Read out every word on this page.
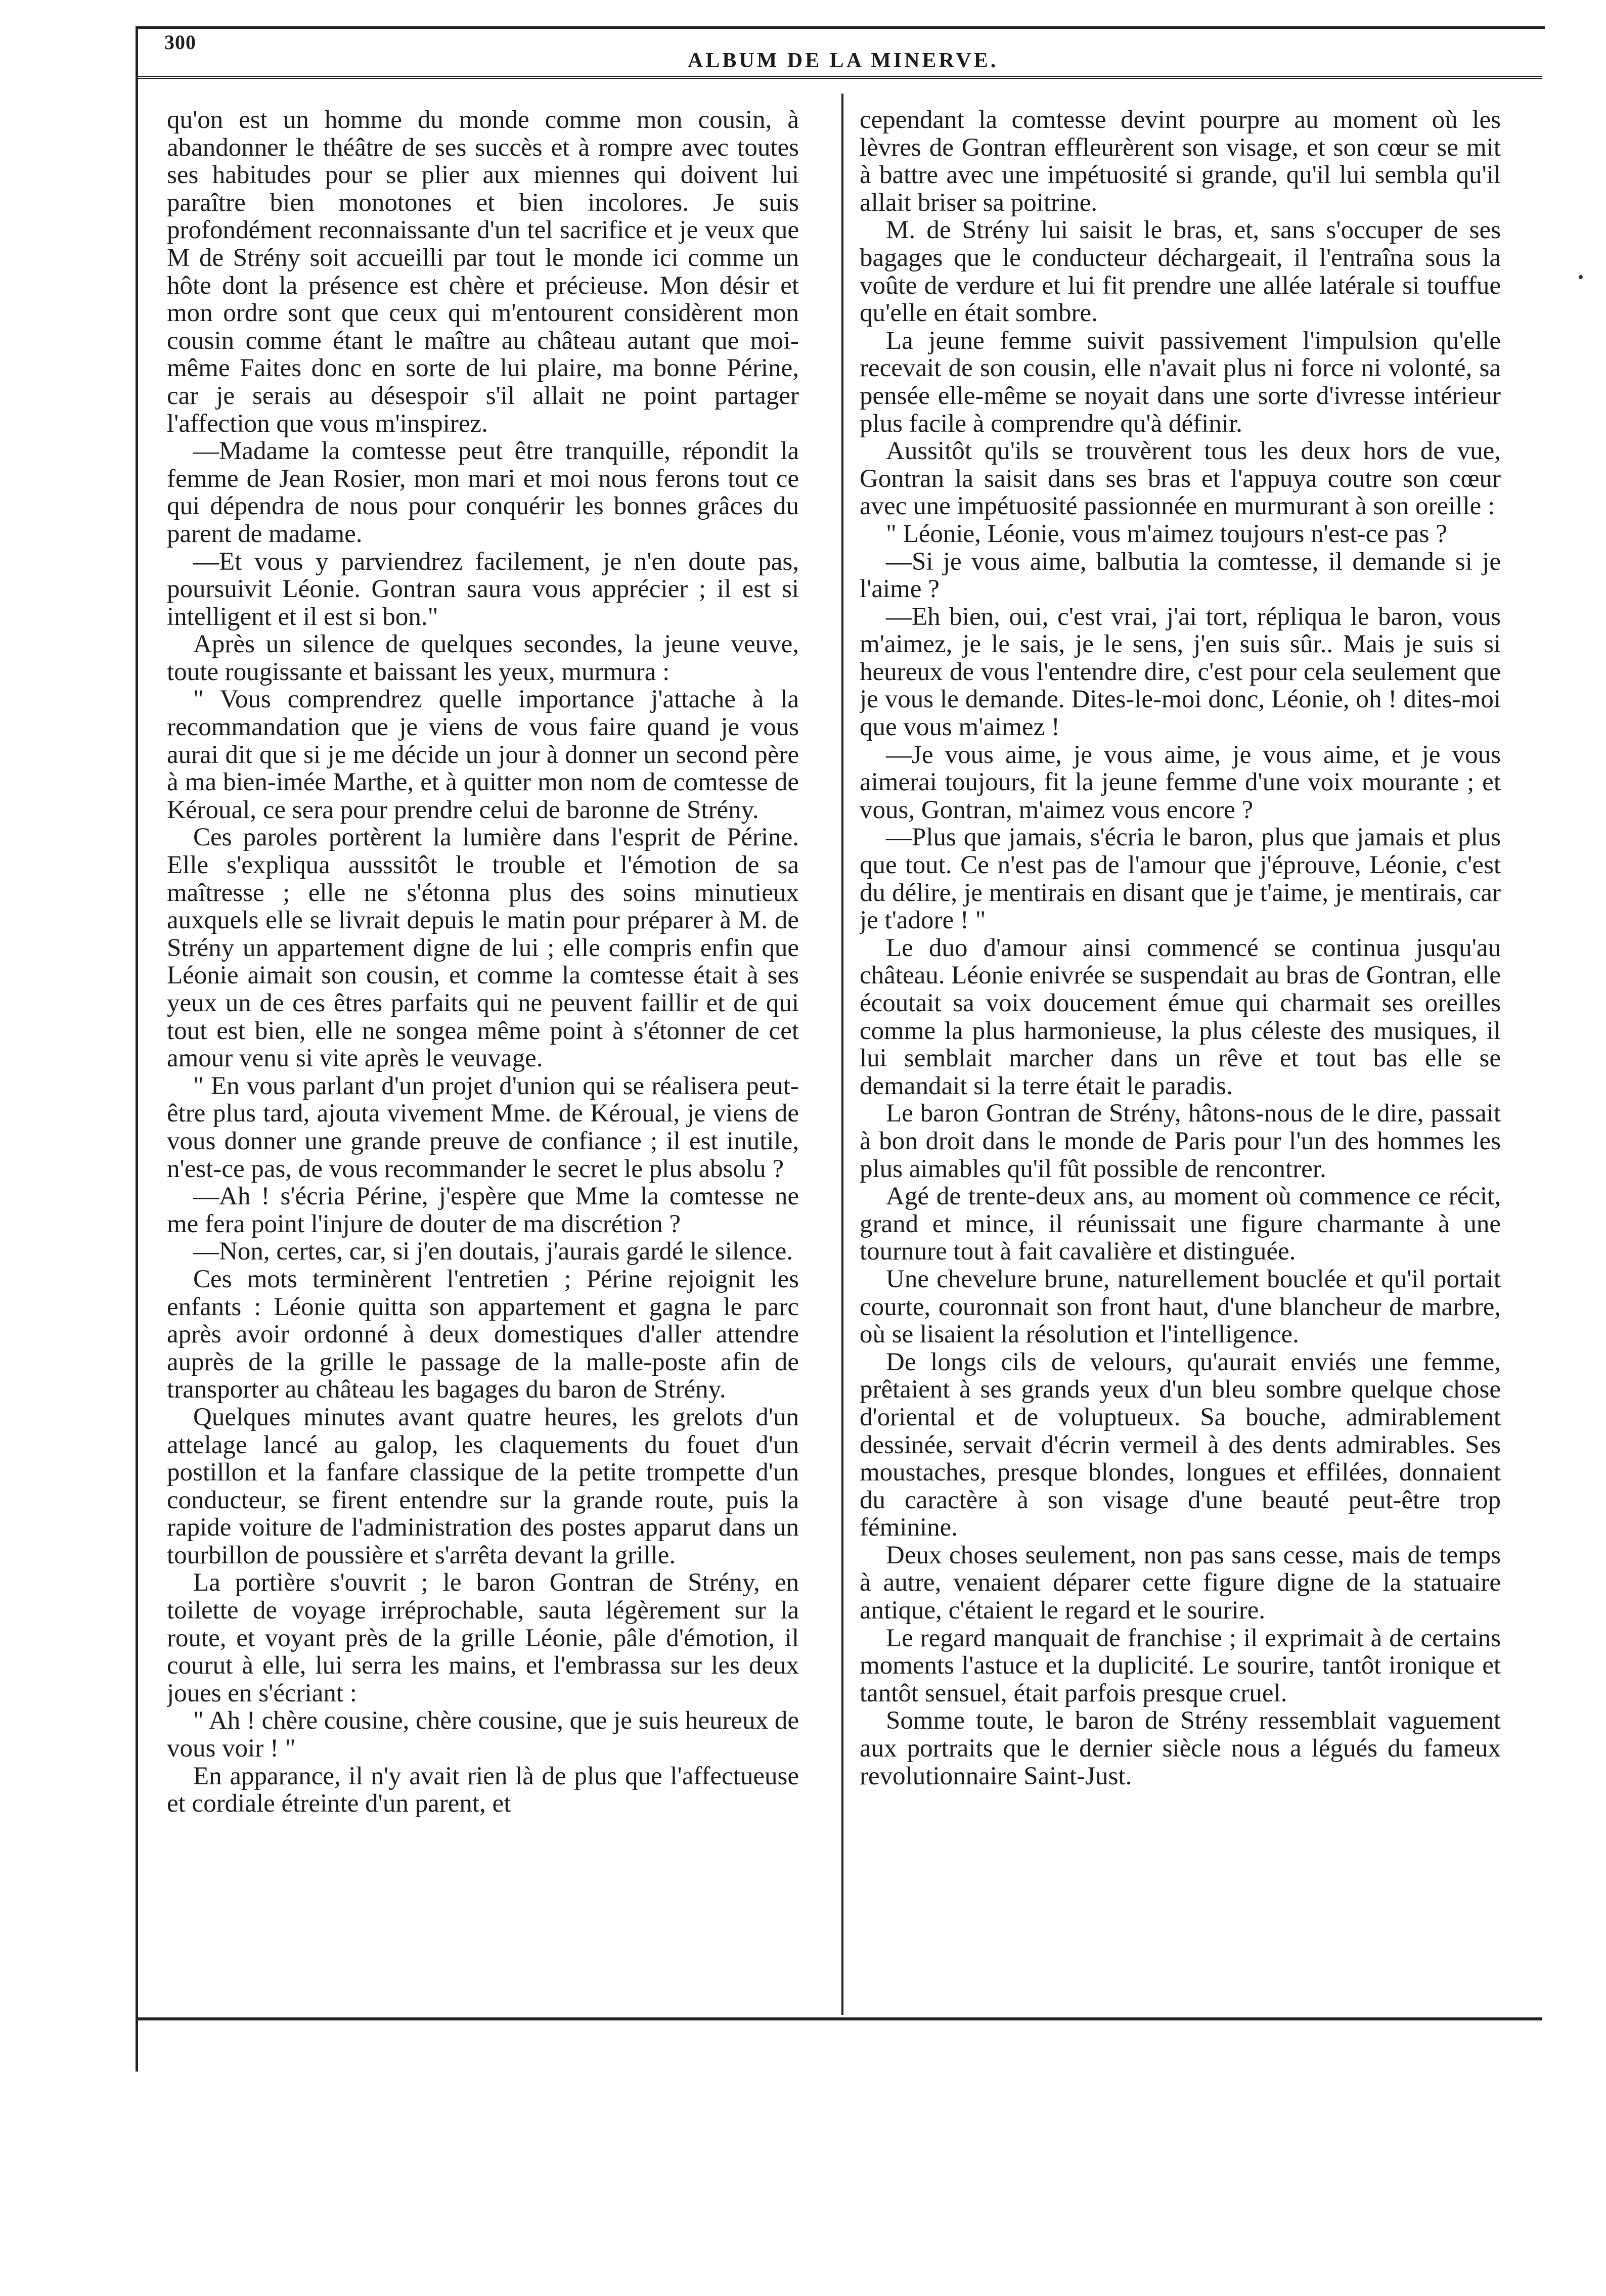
300
ALBUM DE LA MINERVE.
•

qu'on est un homme du monde comme mon cousin, à abandonner le théâtre de ses succès et à rompre avec toutes ses habitudes pour se plier aux miennes qui doivent lui paraître bien monotones et bien incolores. Je suis profondément reconnaissante d'un tel sacrifice et je veux que M de Strény soit accueilli par tout le monde ici comme un hôte dont la présence est chère et précieuse. Mon désir et mon ordre sont que ceux qui m'entourent considèrent mon cousin comme étant le maître au château autant que moi-même Faites donc en sorte de lui plaire, ma bonne Périne, car je serais au désespoir s'il allait ne point partager l'affection que vous m'inspirez.

—Madame la comtesse peut être tranquille, répondit la femme de Jean Rosier, mon mari et moi nous ferons tout ce qui dépendra de nous pour conquérir les bonnes grâces du parent de madame.

—Et vous y parviendrez facilement, je n'en doute pas, poursuivit Léonie. Gontran saura vous apprécier ; il est si intelligent et il est si bon."

Après un silence de quelques secondes, la jeune veuve, toute rougissante et baissant les yeux, murmura :

" Vous comprendrez quelle importance j'attache à la recommandation que je viens de vous faire quand je vous aurai dit que si je me décide un jour à donner un second père à ma bien-imée Marthe, et à quitter mon nom de comtesse de Kéroual, ce sera pour prendre celui de baronne de Strény.

Ces paroles portèrent la lumière dans l'esprit de Périne. Elle s'expliqua ausssitôt le trouble et l'émotion de sa maîtresse ; elle ne s'étonna plus des soins minutieux auxquels elle se livrait depuis le matin pour préparer à M. de Strény un appartement digne de lui ; elle compris enfin que Léonie aimait son cousin, et comme la comtesse était à ses yeux un de ces êtres parfaits qui ne peuvent faillir et de qui tout est bien, elle ne songea même point à s'étonner de cet amour venu si vite après le veuvage.

" En vous parlant d'un projet d'union qui se réalisera peut-être plus tard, ajouta vivement Mme. de Kéroual, je viens de vous donner une grande preuve de confiance ; il est inutile, n'est-ce pas, de vous recommander le secret le plus absolu ?

—Ah ! s'écria Périne, j'espère que Mme la comtesse ne me fera point l'injure de douter de ma discrétion ?

—Non, certes, car, si j'en doutais, j'aurais gardé le silence.

Ces mots terminèrent l'entretien ; Périne rejoignit les enfants : Léonie quitta son appartement et gagna le parc après avoir ordonné à deux domestiques d'aller attendre auprès de la grille le passage de la malle-poste afin de transporter au château les bagages du baron de Strény.

Quelques minutes avant quatre heures, les grelots d'un attelage lancé au galop, les claquements du fouet d'un postillon et la fanfare classique de la petite trompette d'un conducteur, se firent entendre sur la grande route, puis la rapide voiture de l'administration des postes apparut dans un tourbillon de poussière et s'arrêta devant la grille.

La portière s'ouvrit ; le baron Gontran de Strény, en toilette de voyage irréprochable, sauta légèrement sur la route, et voyant près de la grille Léonie, pâle d'émotion, il courut à elle, lui serra les mains, et l'embrassa sur les deux joues en s'écriant :

" Ah ! chère cousine, chère cousine, que je suis heureux de vous voir ! "

En apparance, il n'y avait rien là de plus que l'affectueuse et cordiale étreinte d'un parent, et

cependant la comtesse devint pourpre au moment où les lèvres de Gontran effleurèrent son visage, et son cœur se mit à battre avec une impétuosité si grande, qu'il lui sembla qu'il allait briser sa poitrine.

M. de Strény lui saisit le bras, et, sans s'occuper de ses bagages que le conducteur déchargeait, il l'entraîna sous la voûte de verdure et lui fit prendre une allée latérale si touffue qu'elle en était sombre.

La jeune femme suivit passivement l'impulsion qu'elle recevait de son cousin, elle n'avait plus ni force ni volonté, sa pensée elle-même se noyait dans une sorte d'ivresse intérieur plus facile à comprendre qu'à définir.

Aussitôt qu'ils se trouvèrent tous les deux hors de vue, Gontran la saisit dans ses bras et l'appuya coutre son cœur avec une impétuosité passionnée en murmurant à son oreille :

" Léonie, Léonie, vous m'aimez toujours n'est-ce pas ?

—Si je vous aime, balbutia la comtesse, il demande si je l'aime ?

—Eh bien, oui, c'est vrai, j'ai tort, répliqua le baron, vous m'aimez, je le sais, je le sens, j'en suis sûr.. Mais je suis si heureux de vous l'entendre dire, c'est pour cela seulement que je vous le demande. Dites-le-moi donc, Léonie, oh ! dites-moi que vous m'aimez !

—Je vous aime, je vous aime, je vous aime, et je vous aimerai toujours, fit la jeune femme d'une voix mourante ; et vous, Gontran, m'aimez vous encore ?

—Plus que jamais, s'écria le baron, plus que jamais et plus que tout. Ce n'est pas de l'amour que j'éprouve, Léonie, c'est du délire, je mentirais en disant que je t'aime, je mentirais, car je t'adore ! "

Le duo d'amour ainsi commencé se continua jusqu'au château. Léonie enivrée se suspendait au bras de Gontran, elle écoutait sa voix doucement émue qui charmait ses oreilles comme la plus harmonieuse, la plus céleste des musiques, il lui semblait marcher dans un rêve et tout bas elle se demandait si la terre était le paradis.

Le baron Gontran de Strény, hâtons-nous de le dire, passait à bon droit dans le monde de Paris pour l'un des hommes les plus aimables qu'il fût possible de rencontrer.

Agé de trente-deux ans, au moment où commence ce récit, grand et mince, il réunissait une figure charmante à une tournure tout à fait cavalière et distinguée.

Une chevelure brune, naturellement bouclée et qu'il portait courte, couronnait son front haut, d'une blancheur de marbre, où se lisaient la résolution et l'intelligence.

De longs cils de velours, qu'aurait enviés une femme, prêtaient à ses grands yeux d'un bleu sombre quelque chose d'oriental et de voluptueux. Sa bouche, admirablement dessinée, servait d'écrin vermeil à des dents admirables. Ses moustaches, presque blondes, longues et effilées, donnaient du caractère à son visage d'une beauté peut-être trop féminine.

Deux choses seulement, non pas sans cesse, mais de temps à autre, venaient déparer cette figure digne de la statuaire antique, c'étaient le regard et le sourire.

Le regard manquait de franchise ; il exprimait à de certains moments l'astuce et la duplicité. Le sourire, tantôt ironique et tantôt sensuel, était parfois presque cruel.

Somme toute, le baron de Strény ressemblait vaguement aux portraits que le dernier siècle nous a légués du fameux revolutionnaire Saint-Just.
